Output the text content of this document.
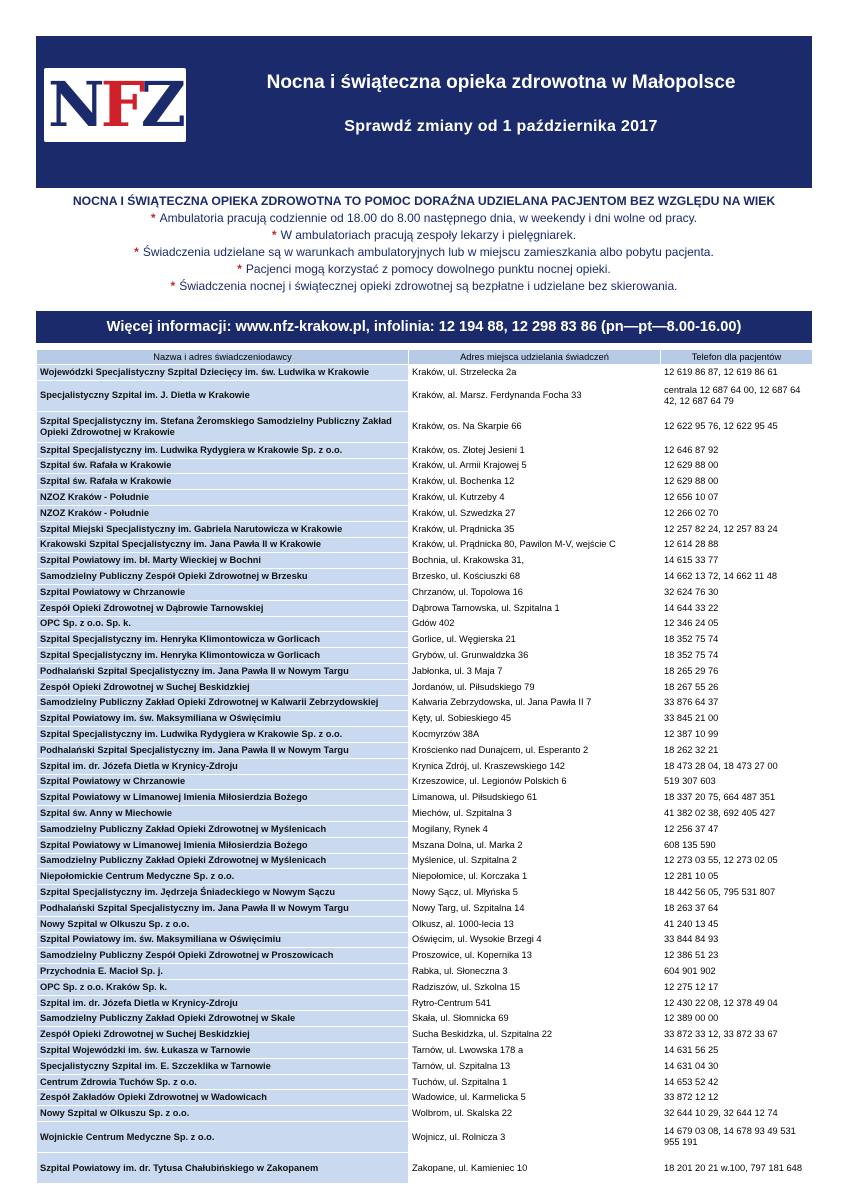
NFZ	Nocna i świąteczna opieka zdrowotna w Małopolsce
Sprawdź zmiany od 1 października 2017
NOCNA I ŚWIĄTECZNA OPIEKA ZDROWOTNA TO POMOC DORAŹNA UDZIELANA PACJENTOM BEZ WZGLĘDU NA WIEK
* Ambulatoria pracują codziennie od 18.00 do 8.00 następnego dnia, w weekendy i dni wolne od pracy.
* W ambulatoriach pracują zespoły lekarzy i pielęgniarek.
* Świadczenia udzielane są w warunkach ambulatoryjnych lub w miejscu zamieszkania albo pobytu pacjenta.
* Pacjenci mogą korzystać z pomocy dowolnego punktu nocnej opieki.
* Świadczenia nocnej i świątecznej opieki zdrowotnej są bezpłatne i udzielane bez skierowania.
Więcej informacji: www.nfz-krakow.pl, infolinia: 12 194 88, 12 298 83 86 (pn—pt—8.00-16.00)
Nazwa i adres świadczeniodawcy	Adres miejsca udzielania świadczeń	Telefon dla pacjentów
Wojewódzki Specjalistyczny Szpital Dziecięcy im. św. Ludwika w Krakowie	Kraków, ul. Strzelecka 2a	12 619 86 87, 12 619 86 61
Specjalistyczny Szpital im. J. Dietla w Krakowie	Kraków, al. Marsz. Ferdynanda Focha 33	centrala 12 687 64 00, 12 687 64 42, 12 687 64 79
Szpital Specjalistyczny im. Stefana Żeromskiego Samodzielny Publiczny Zakład Opieki Zdrowotnej w Krakowie	Kraków, os. Na Skarpie 66	12 622 95 76, 12 622 95 45
Szpital Specjalistyczny im. Ludwika Rydygiera w Krakowie Sp. z o.o.	Kraków, os. Złotej Jesieni 1	12 646 87 92
Szpital św. Rafała w Krakowie	Kraków, ul. Armii Krajowej 5	12 629 88 00
Szpital św. Rafała w Krakowie	Kraków, ul. Bochenka 12	12 629 88 00
NZOZ Kraków - Południe	Kraków, ul. Kutrzeby 4	12 656 10 07
NZOZ Kraków - Południe	Kraków, ul. Szwedzka 27	12 266 02 70
Szpital Miejski Specjalistyczny im. Gabriela Narutowicza w Krakowie	Kraków, ul. Prądnicka 35	12 257 82 24, 12 257 83 24
Krakowski Szpital Specjalistyczny im. Jana Pawła II w Krakowie	Kraków, ul. Prądnicka 80, Pawilon M-V, wejście C	12 614 28 88
Szpital Powiatowy im. bł. Marty Wieckiej w Bochni	Bochnia, ul. Krakowska 31,	14 615 33 77
Samodzielny Publiczny Zespół Opieki Zdrowotnej w Brzesku	Brzesko, ul. Kościuszki 68	14 662 13 72, 14 662 11 48
Szpital Powiatowy w Chrzanowie	Chrzanów, ul. Topolowa 16	32 624 76 30
Zespół Opieki Zdrowotnej w Dąbrowie Tarnowskiej	Dąbrowa Tarnowska, ul. Szpitalna 1	14 644 33 22
OPC Sp. z o.o. Sp. k.	Gdów 402	12 346 24 05
Szpital Specjalistyczny im. Henryka Klimontowicza w Gorlicach	Gorlice, ul. Węgierska 21	18 352 75 74
Szpital Specjalistyczny im. Henryka Klimontowicza w Gorlicach	Grybów, ul. Grunwaldzka 36	18 352 75 74
Podhalański Szpital Specjalistyczny im. Jana Pawła II w Nowym Targu	Jabłonka, ul. 3 Maja 7	18 265 29 76
Zespół Opieki Zdrowotnej w Suchej Beskidzkiej	Jordanów, ul. Piłsudskiego 79	18 267 55 26
Samodzielny Publiczny Zakład Opieki Zdrowotnej w Kalwarii Zebrzydowskiej	Kalwaria Zebrzydowska, ul. Jana Pawła II 7	33 876 64 37
Szpital Powiatowy im. św. Maksymiliana w Oświęcimiu	Kęty, ul. Sobieskiego 45	33 845 21 00
Szpital Specjalistyczny im. Ludwika Rydygiera w Krakowie Sp. z o.o.	Kocmyrzów 38A	12 387 10 99
Podhalański Szpital Specjalistyczny im. Jana Pawła II w Nowym Targu	Krościenko nad Dunajcem, ul. Esperanto 2	18 262 32 21
Szpital im. dr. Józefa Dietla w Krynicy-Zdroju	Krynica Zdrój, ul. Kraszewskiego 142	18 473 28 04, 18 473 27 00
Szpital Powiatowy w Chrzanowie	Krzeszowice, ul. Legionów Polskich 6	519 307 603
Szpital Powiatowy w Limanowej Imienia Miłosierdzia Bożego	Limanowa, ul. Piłsudskiego 61	18 337 20 75, 664 487 351
Szpital św. Anny w Miechowie	Miechów, ul. Szpitalna 3	41 382 02 38, 692 405 427
Samodzielny Publiczny Zakład Opieki Zdrowotnej w Myślenicach	Mogilany, Rynek 4	12 256 37 47
Szpital Powiatowy w Limanowej Imienia Miłosierdzia Bożego	Mszana Dolna, ul. Marka 2	608 135 590
Samodzielny Publiczny Zakład Opieki Zdrowotnej w Myślenicach	Myślenice, ul. Szpitalna 2	12 273 03 55, 12 273 02 05
Niepołomickie Centrum Medyczne Sp. z o.o.	Niepołomice, ul. Korczaka 1	12 281 10 05
Szpital Specjalistyczny im. Jędrzeja Śniadeckiego w Nowym Sączu	Nowy Sącz, ul. Młyńska 5	18 442 56 05, 795 531 807
Podhalański Szpital Specjalistyczny im. Jana Pawła II w Nowym Targu	Nowy Targ, ul. Szpitalna 14	18 263 37 64
Nowy Szpital w Olkuszu Sp. z o.o.	Olkusz, al. 1000-lecia 13	41 240 13 45
Szpital Powiatowy im. św. Maksymiliana w Oświęcimiu	Oświęcim, ul. Wysokie Brzegi 4	33 844 84 93
Samodzielny Publiczny Zespół Opieki Zdrowotnej w Proszowicach	Proszowice, ul. Kopernika 13	12 386 51 23
Przychodnia E. Macioł Sp. j.	Rabka, ul. Słoneczna 3	604 901 902
OPC Sp. z o.o. Kraków Sp. k.	Radziszów, ul. Szkolna 15	12 275 12 17
Szpital im. dr. Józefa Dietla w Krynicy-Zdroju	Rytro-Centrum 541	12 430 22 08, 12 378 49 04
Samodzielny Publiczny Zakład Opieki Zdrowotnej w Skale	Skała, ul. Słomnicka 69	12 389 00 00
Zespół Opieki Zdrowotnej w Suchej Beskidzkiej	Sucha Beskidzka, ul. Szpitalna 22	33 872 33 12, 33 872 33 67
Szpital Wojewódzki im. św. Łukasza w Tarnowie	Tarnów, ul. Lwowska 178 a	14 631 56 25
Specjalistyczny Szpital im. E. Szczeklika w Tarnowie	Tarnów, ul. Szpitalna 13	14 631 04 30
Centrum Zdrowia Tuchów Sp. z o.o.	Tuchów, ul. Szpitalna 1	14 653 52 42
Zespół Zakładów Opieki Zdrowotnej w Wadowicach	Wadowice, ul. Karmelicka 5	33 872 12 12
Nowy Szpital w Olkuszu Sp. z o.o.	Wolbrom, ul. Skalska 22	32 644 10 29, 32 644 12 74
Wojnickie Centrum Medyczne Sp. z o.o.	Wojnicz, ul. Rolnicza 3	14 679 03 08, 14 678 93 49 531 955 191
Szpital Powiatowy im. dr. Tytusa Chałubińskiego w Zakopanem	Zakopane, ul. Kamieniec 10	18 201 20 21 w.100, 797 181 648
